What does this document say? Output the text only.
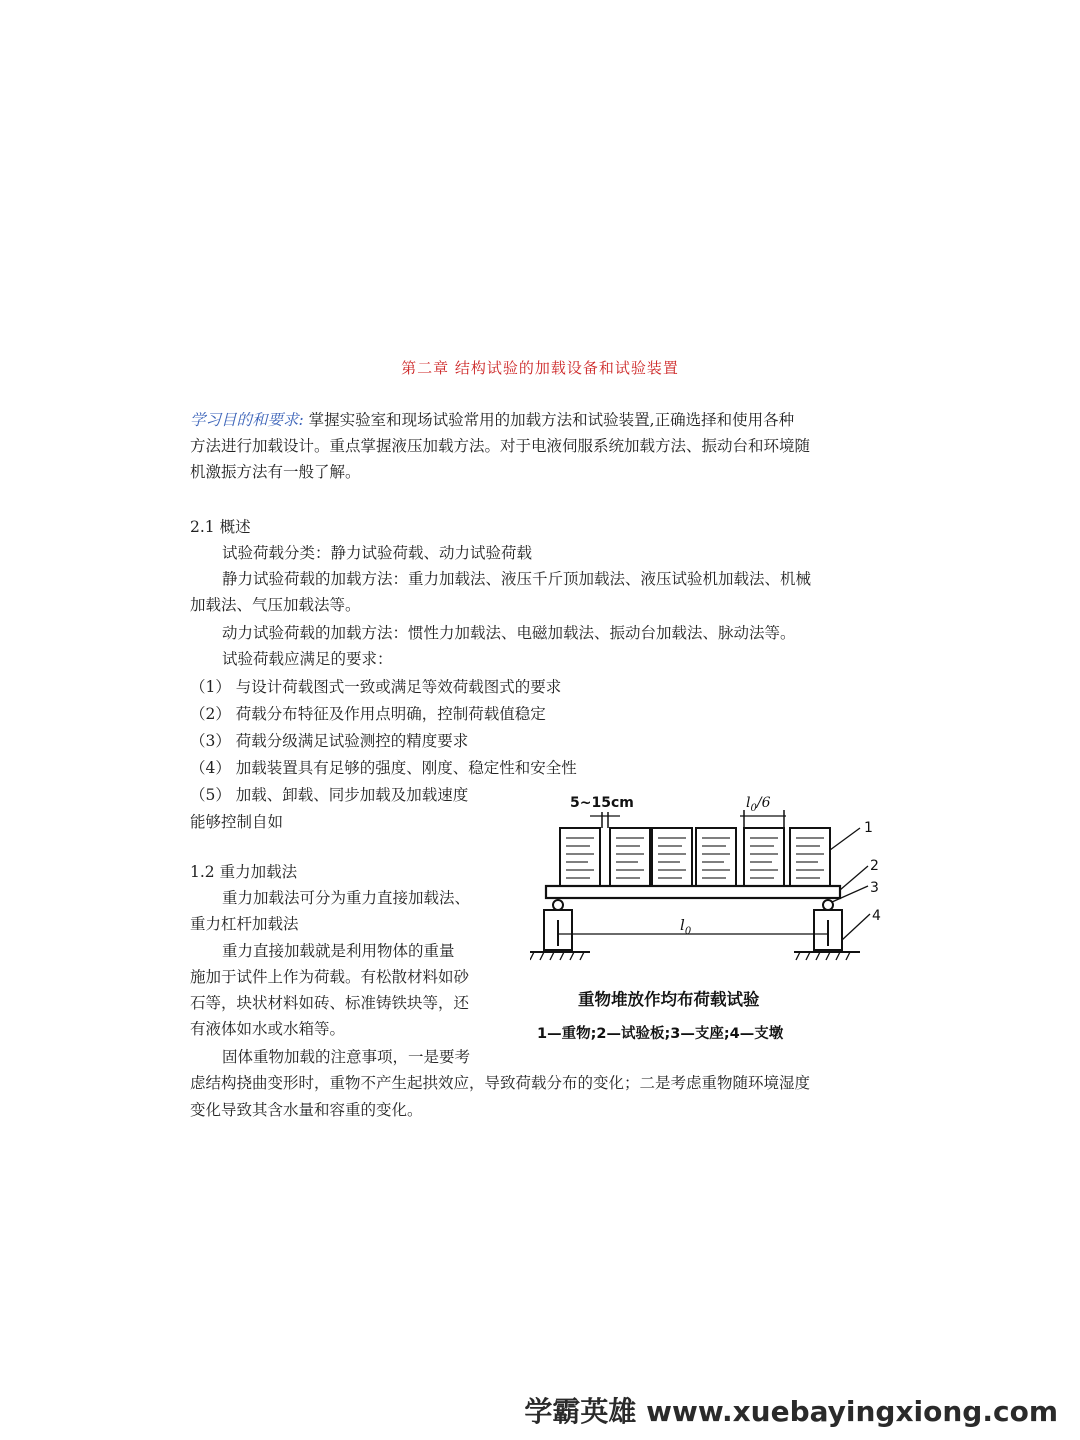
第二章 结构试验的加载设备和试验装置
学习目的和要求: 掌握实验室和现场试验常用的加载方法和试验装置,正确选择和使用各种
方法进行加载设计。重点掌握液压加载方法。对于电液伺服系统加载方法、振动台和环境随
机激振方法有一般了解。
2.1 概述
试验荷载分类：静力试验荷载、动力试验荷载
静力试验荷载的加载方法：重力加载法、液压千斤顶加载法、液压试验机加载法、机械
加载法、气压加载法等。
动力试验荷载的加载方法：惯性力加载法、电磁加载法、振动台加载法、脉动法等。
试验荷载应满足的要求：
（1） 与设计荷载图式一致或满足等效荷载图式的要求
（2） 荷载分布特征及作用点明确，控制荷载值稳定
（3） 荷载分级满足试验测控的精度要求
（4） 加载装置具有足够的强度、刚度、稳定性和安全性
（5） 加载、卸载、同步加载及加载速度
能够控制自如
1.2 重力加载法
重力加载法可分为重力直接加载法、
重力杠杆加载法
重力直接加载就是利用物体的重量
施加于试件上作为荷载。有松散材料如砂
石等，块状材料如砖、标准铸铁块等，还
有液体如水或水箱等。
固体重物加载的注意事项，一是要考
虑结构挠曲变形时，重物不产生起拱效应，导致荷载分布的变化；二是考虑重物随环境湿度
变化导致其含水量和容重的变化。
5~15cm	$l_0/6$
$l_0$
1
2
3
4
重物堆放作均布荷载试验
1—重物;2—试验板;3—支座;4—支墩
学霸英雄 www.xuebayingxiong.com
